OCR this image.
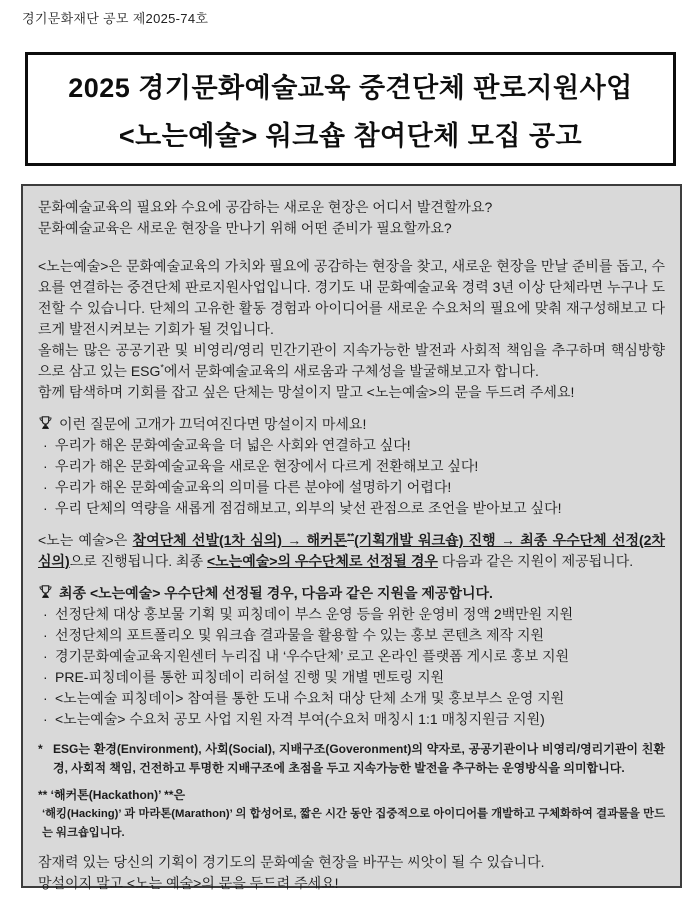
경기문화재단 공모 제2025-74호
2025 경기문화예술교육 중견단체 판로지원사업
<노는예술> 워크숍 참여단체 모집 공고

문화예술교육의 필요와 수요에 공감하는 새로운 현장은 어디서 발견할까요?

문화예술교육은 새로운 현장을 만나기 위해 어떤 준비가 필요할까요?

<노는예술>은 문화예술교육의 가치와 필요에 공감하는 현장을 찾고, 새로운 현장을 만날 준비를 돕고, 수요를 연결하는 중견단체 판로지원사업입니다. 경기도 내 문화예술교육 경력 3년 이상 단체라면 누구나 도전할 수 있습니다. 단체의 고유한 활동 경험과 아이디어를 새로운 수요처의 필요에 맞춰 재구성해보고 다르게 발전시켜보는 기회가 될 것입니다.

올해는 많은 공공기관 및 비영리/영리 민간기관이 지속가능한 발전과 사회적 책임을 추구하며 핵심방향으로 삼고 있는 ESG*에서 문화예술교육의 새로움과 구체성을 발굴해보고자 합니다.

함께 탐색하며 기회를 잡고 싶은 단체는 망설이지 말고 <노는예술>의 문을 두드려 주세요!

이런 질문에 고개가 끄덕여진다면 망설이지 마세요!

· 우리가 해온 문화예술교육을 더 넓은 사회와 연결하고 싶다!
· 우리가 해온 문화예술교육을 새로운 현장에서 다르게 전환해보고 싶다!
· 우리가 해온 문화예술교육의 의미를 다른 분야에 설명하기 어렵다!
· 우리 단체의 역량을 새롭게 점검해보고, 외부의 낯선 관점으로 조언을 받아보고 싶다!

<노는 예술>은 참여단체 선발(1차 심의) → 해커톤**(기획개발 워크숍) 진행 → 최종 우수단체 선정(2차 심의)으로 진행됩니다. 최종 <노는예술>의 우수단체로 선정될 경우 다음과 같은 지원이 제공됩니다.

최종 <노는예술> 우수단체 선정될 경우, 다음과 같은 지원을 제공합니다.

· 선정단체 대상 홍보물 기획 및 피칭데이 부스 운영 등을 위한 운영비 정액 2백만원 지원
· 선정단체의 포트폴리오 및 워크숍 결과물을 활용할 수 있는 홍보 콘텐츠 제작 지원
· 경기문화예술교육지원센터 누리집 내 ‘우수단체’ 로고 온라인 플랫폼 게시로 홍보 지원
· PRE-피칭데이를 통한 피칭데이 리허설 진행 및 개별 멘토링 지원
· <노는예술 피칭데이> 참여를 통한 도내 수요처 대상 단체 소개 및 홍보부스 운영 지원
· <노는예술> 수요처 공모 사업 지원 자격 부여(수요처 매칭시 1:1 매칭지원금 지원)
* ESG는 환경(Environment), 사회(Social), 지배구조(Goveronment)의 약자로, 공공기관이나 비영리/영리기관이 친환경, 사회적 책임, 건전하고 투명한 지배구조에 초점을 두고 지속가능한 발전을 추구하는 운영방식을 의미합니다.
** ‘해커톤(Hackathon)’ **은
‘해킹(Hacking)’ 과 마라톤(Marathon)’ 의 합성어로, 짧은 시간 동안 집중적으로 아이디어를 개발하고 구체화하여 결과물을 만드는 워크숍입니다.

잠재력 있는 당신의 기획이 경기도의 문화예술 현장을 바꾸는 씨앗이 될 수 있습니다.

망설이지 말고 <노는 예술>의 문을 두드려 주세요!
